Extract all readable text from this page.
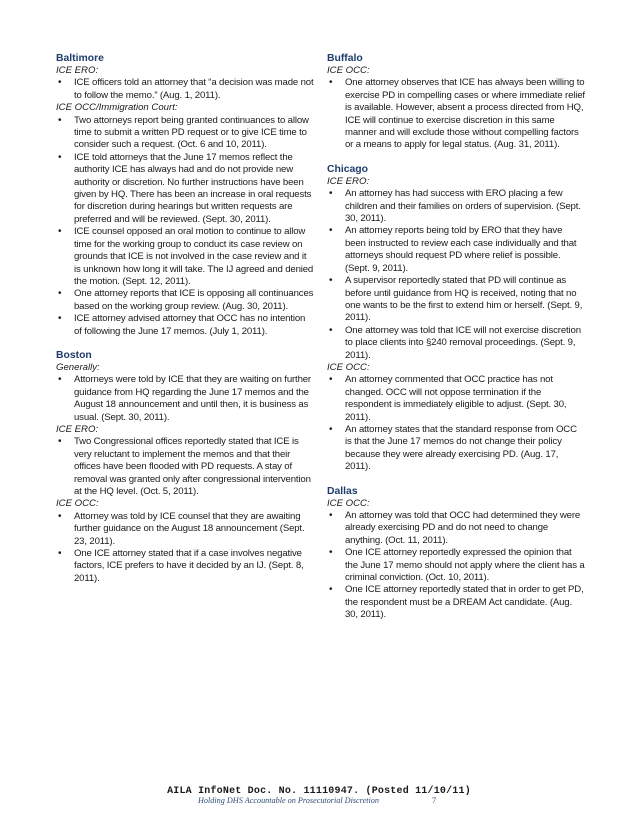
Baltimore

ICE ERO:

• ICE officers told an attorney that “a decision was made not to follow the memo.” (Aug. 1, 2011).

ICE OCC/Immigration Court:

• Two attorneys report being granted continuances to allow time to submit a written PD request or to give ICE time to consider such a request. (Oct. 6 and 10, 2011).
• ICE told attorneys that the June 17 memos reflect the authority ICE has always had and do not provide new authority or discretion. No further instructions have been given by HQ. There has been an increase in oral requests for discretion during hearings but written requests are preferred and will be reviewed. (Sept. 30, 2011).
• ICE counsel opposed an oral motion to continue to allow time for the working group to conduct its case review on grounds that ICE is not involved in the case review and it is unknown how long it will take. The IJ agreed and denied the motion. (Sept. 12, 2011).
• One attorney reports that ICE is opposing all continuances based on the working group review. (Aug. 30, 2011).
• ICE attorney advised attorney that OCC has no intention of following the June 17 memos. (July 1, 2011).

Boston

Generally:

• Attorneys were told by ICE that they are waiting on further guidance from HQ regarding the June 17 memos and the August 18 announcement and until then, it is business as usual. (Sept. 30, 2011).

ICE ERO:

• Two Congressional offices reportedly stated that ICE is very reluctant to implement the memos and that their offices have been flooded with PD requests. A stay of removal was granted only after congressional intervention at the HQ level. (Oct. 5, 2011).

ICE OCC:

• Attorney was told by ICE counsel that they are awaiting further guidance on the August 18 announcement (Sept. 23, 2011).
• One ICE attorney stated that if a case involves negative factors, ICE prefers to have it decided by an IJ. (Sept. 8, 2011).

Buffalo

ICE OCC:

• One attorney observes that ICE has always been willing to exercise PD in compelling cases or where immediate relief is available. However, absent a process directed from HQ, ICE will continue to exercise discretion in this same manner and will exclude those without compelling factors or a means to apply for legal status. (Aug. 31, 2011).

Chicago

ICE ERO:

• An attorney has had success with ERO placing a few children and their families on orders of supervision. (Sept. 30, 2011).
• An attorney reports being told by ERO that they have been instructed to review each case individually and that attorneys should request PD where relief is possible. (Sept. 9, 2011).
• A supervisor reportedly stated that PD will continue as before until guidance from HQ is received, noting that no one wants to be the first to extend him or herself. (Sept. 9, 2011).
• One attorney was told that ICE will not exercise discretion to place clients into §240 removal proceedings. (Sept. 9, 2011).

ICE OCC:

• An attorney commented that OCC practice has not changed. OCC will not oppose termination if the respondent is immediately eligible to adjust. (Sept. 30, 2011).
• An attorney states that the standard response from OCC is that the June 17 memos do not change their policy because they were already exercising PD. (Aug. 17, 2011).

Dallas

ICE OCC:

• An attorney was told that OCC had determined they were already exercising PD and do not need to change anything. (Oct. 11, 2011).
• One ICE attorney reportedly expressed the opinion that the June 17 memo should not apply where the client has a criminal conviction. (Oct. 10, 2011).
• One ICE attorney reportedly stated that in order to get PD, the respondent must be a DREAM Act candidate. (Aug. 30, 2011).
AILA InfoNet Doc. No. 11110947. (Posted 11/10/11)
Holding DHS Accountable on Prosecutorial Discretion	7
